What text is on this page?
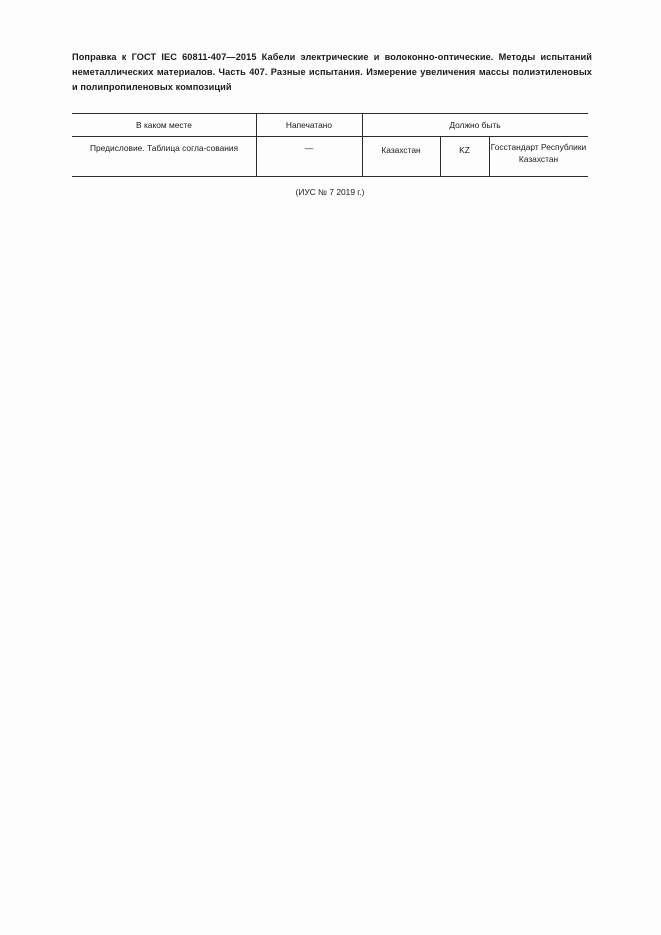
Поправка к ГОСТ IEC 60811-407—2015 Кабели электрические и волоконно-оптические. Методы испытаний неметаллических материалов. Часть 407. Разные испытания. Измерение увеличения массы полиэтиленовых и полипропиленовых композиций
В каком месте	Напечатано	Должно быть
Предисловие. Таблица согла-сования	—	Казахстан	KZ	Госстандарт Республики Казахстан
(ИУС № 7 2019 г.)
